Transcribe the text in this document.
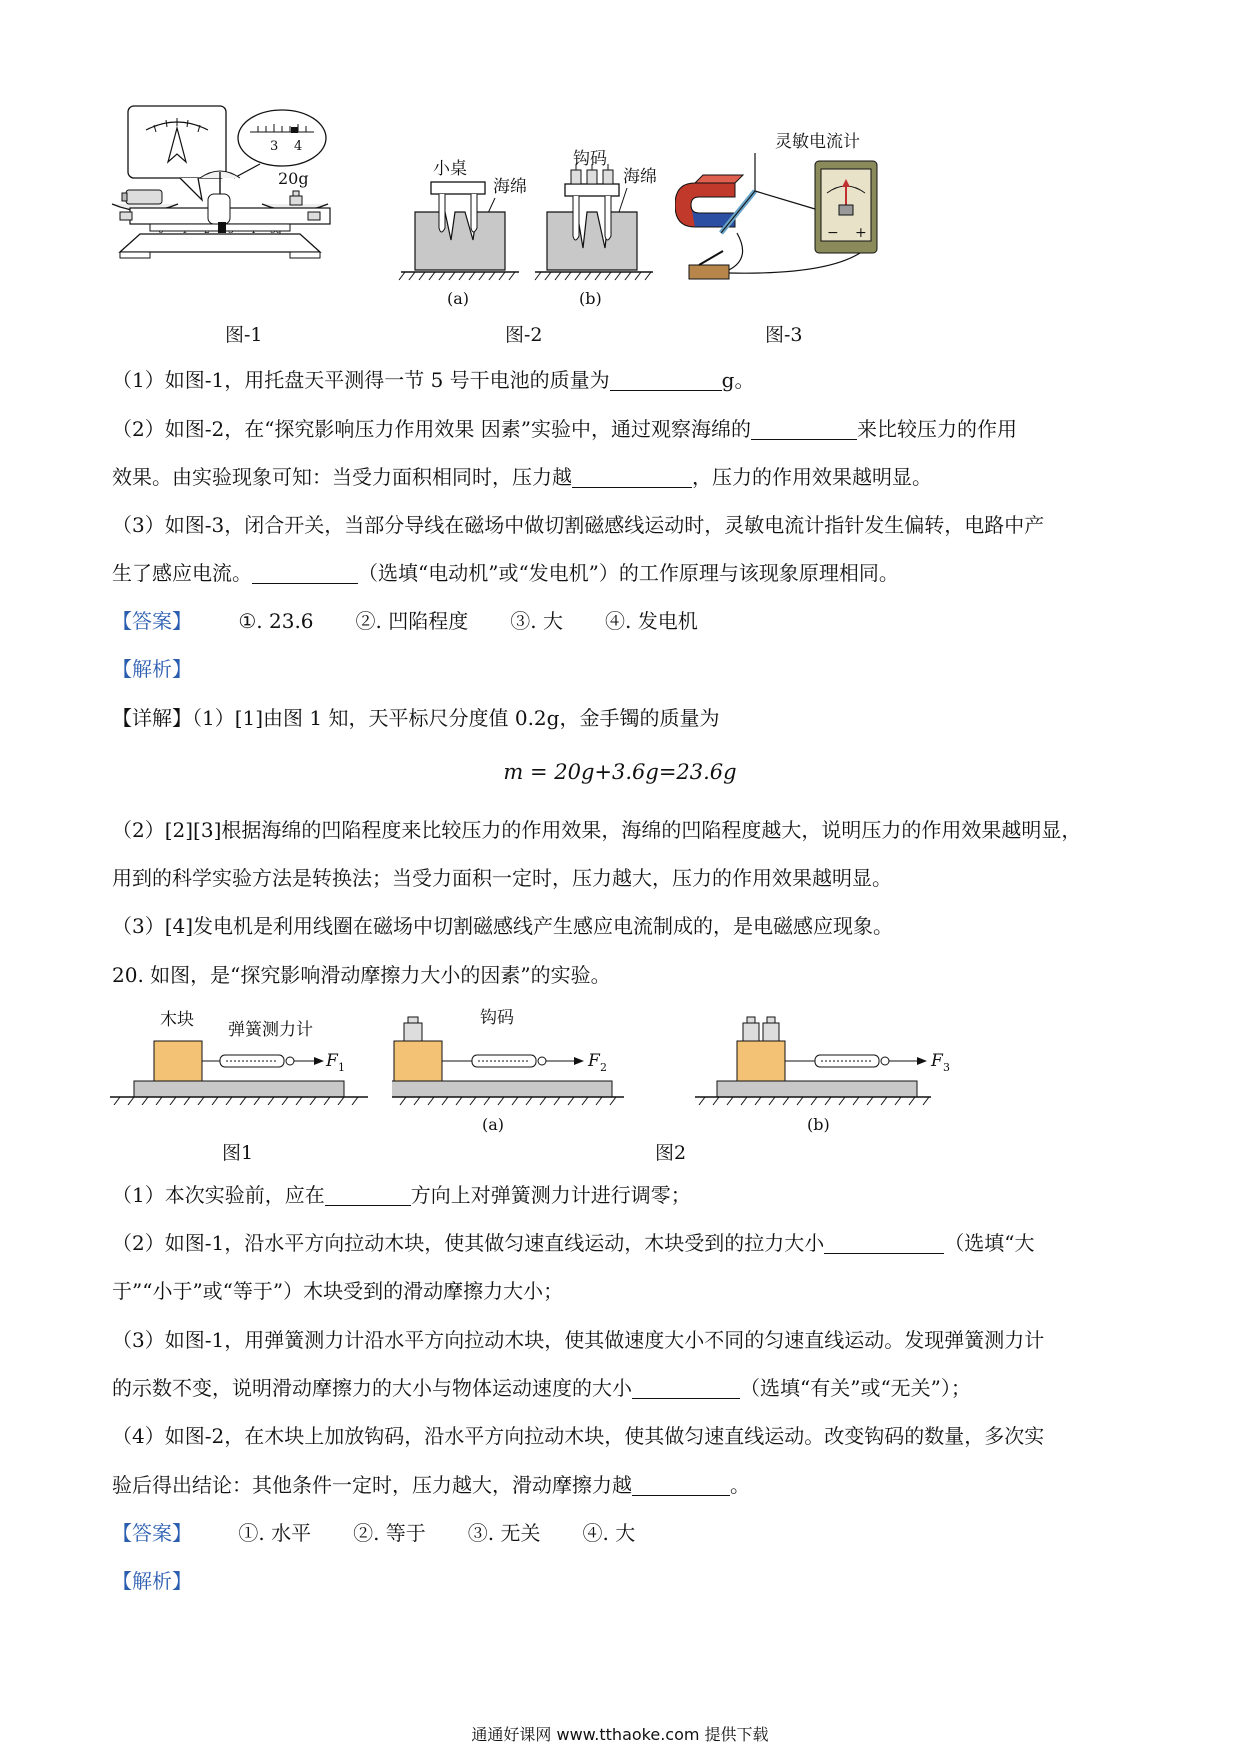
3 4
20g
图-1
小桌
海绵
(a)
钩码
海绵
(b)
图-2
灵敏电流计
− +
图-3
（1）如图-1，用托盘天平测得一节 5 号干电池的质量为	g。
（2）如图-2，在“探究影响压力作用效果 因素”实验中，通过观察海绵的	来比较压力的作用
效果。由实验现象可知：当受力面积相同时，压力越	，压力的作用效果越明显。
（3）如图-3，闭合开关，当部分导线在磁场中做切割磁感线运动时，灵敏电流计指针发生偏转，电路中产
生了感应电流。	（选填“电动机”或“发电机”）的工作原理与该现象原理相同。
【答案】 ①. 23.6 ②. 凹陷程度 ③. 大 ④. 发电机
【解析】
【详解】（1）[1]由图 1 知，天平标尺分度值 0.2g，金手镯的质量为
m = 20g+3.6g=23.6g
（2）[2][3]根据海绵的凹陷程度来比较压力的作用效果，海绵的凹陷程度越大，说明压力的作用效果越明显，
用到的科学实验方法是转换法；当受力面积一定时，压力越大，压力的作用效果越明显。
（3）[4]发电机是利用线圈在磁场中切割磁感线产生感应电流制成的，是电磁感应现象。
20. 如图，是“探究影响滑动摩擦力大小的因素”的实验。
木块 弹簧测力计
F 1
图1
钩码
F 2
(a)
F 3
(b)
图2
（1）本次实验前，应在	方向上对弹簧测力计进行调零；
（2）如图-1，沿水平方向拉动木块，使其做匀速直线运动，木块受到的拉力大小	（选填“大
于”“小于”或“等于”）木块受到的滑动摩擦力大小；
（3）如图-1，用弹簧测力计沿水平方向拉动木块，使其做速度大小不同的匀速直线运动。发现弹簧测力计
的示数不变，说明滑动摩擦力的大小与物体运动速度的大小	（选填“有关”或“无关”）；
（4）如图-2，在木块上加放钩码，沿水平方向拉动木块，使其做匀速直线运动。改变钩码的数量，多次实
验后得出结论：其他条件一定时，压力越大，滑动摩擦力越	。
【答案】 ①. 水平 ②. 等于 ③. 无关 ④. 大
【解析】
通通好课网 www.tthaoke.com 提供下载
